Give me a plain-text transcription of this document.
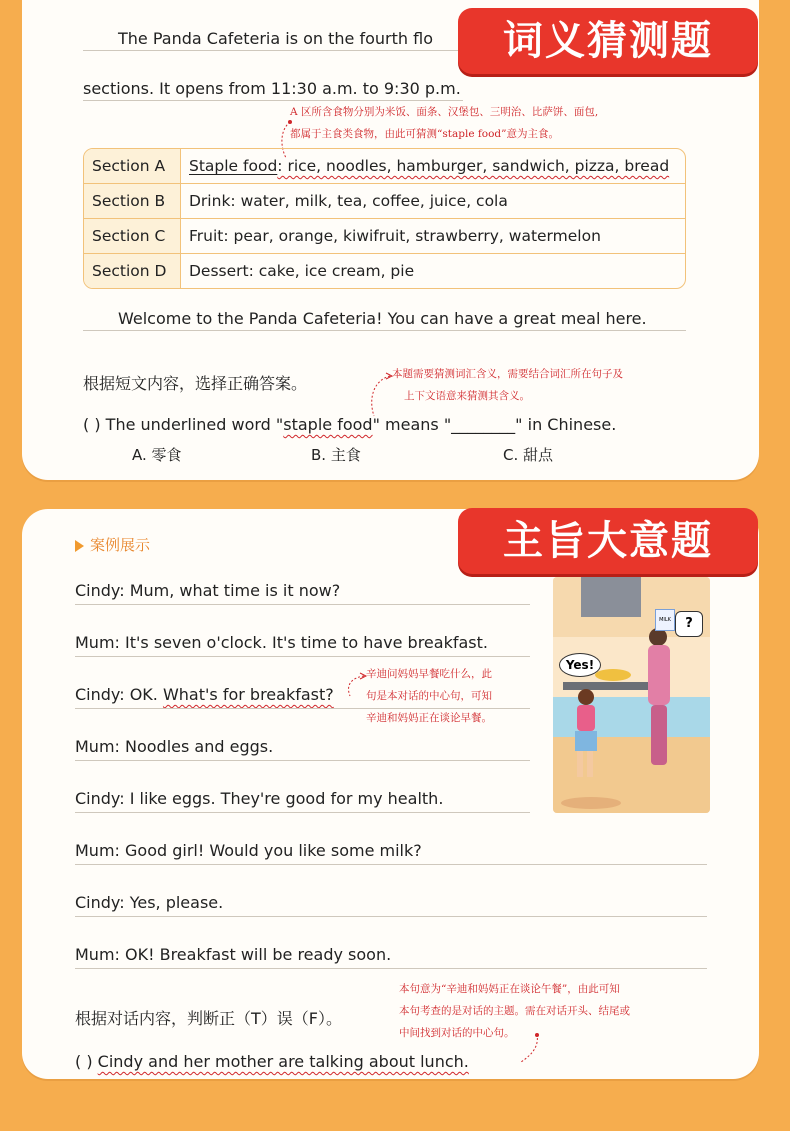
词义猜测题
The Panda Cafeteria is on the fourth flo
sections. It opens from 11:30 a.m. to 9:30 p.m.
A 区所含食物分别为米饭、面条、汉堡包、三明治、比萨饼、面包,
都属于主食类食物，由此可猜测“staple food”意为主食。
Section A	Staple food: rice, noodles, hamburger, sandwich, pizza, bread
Section B	Drink: water, milk, tea, coffee, juice, cola
Section C	Fruit: pear, orange, kiwifruit, strawberry, watermelon
Section D	Dessert: cake, ice cream, pie
Welcome to the Panda Cafeteria! You can have a great meal here.
根据短文内容，选择正确答案。	本题需要猜测词汇含义，需要结合词汇所在句子及
上下文语意来猜测其含义。
( ) The underlined word "staple food" means "________" in Chinese.
A. 零食	B. 主食	C. 甜点
主旨大意题
案例展示
Cindy: Mum, what time is it now?
Mum: It's seven o'clock. It's time to have breakfast.
Cindy: OK. What's for breakfast?
Mum: Noodles and eggs.
Cindy: I like eggs. They're good for my health.
Mum: Good girl! Would you like some milk?
Cindy: Yes, please.
Mum: OK! Breakfast will be ready soon.
辛迪问妈妈早餐吃什么，此
句是本对话的中心句，可知
辛迪和妈妈正在谈论早餐。
Yes!
?
MILK
根据对话内容，判断正（T）误（F）。
本句意为“辛迪和妈妈正在谈论午餐”，由此可知
本句考查的是对话的主题。需在对话开头、结尾或
中间找到对话的中心句。
( ) Cindy and her mother are talking about lunch.
